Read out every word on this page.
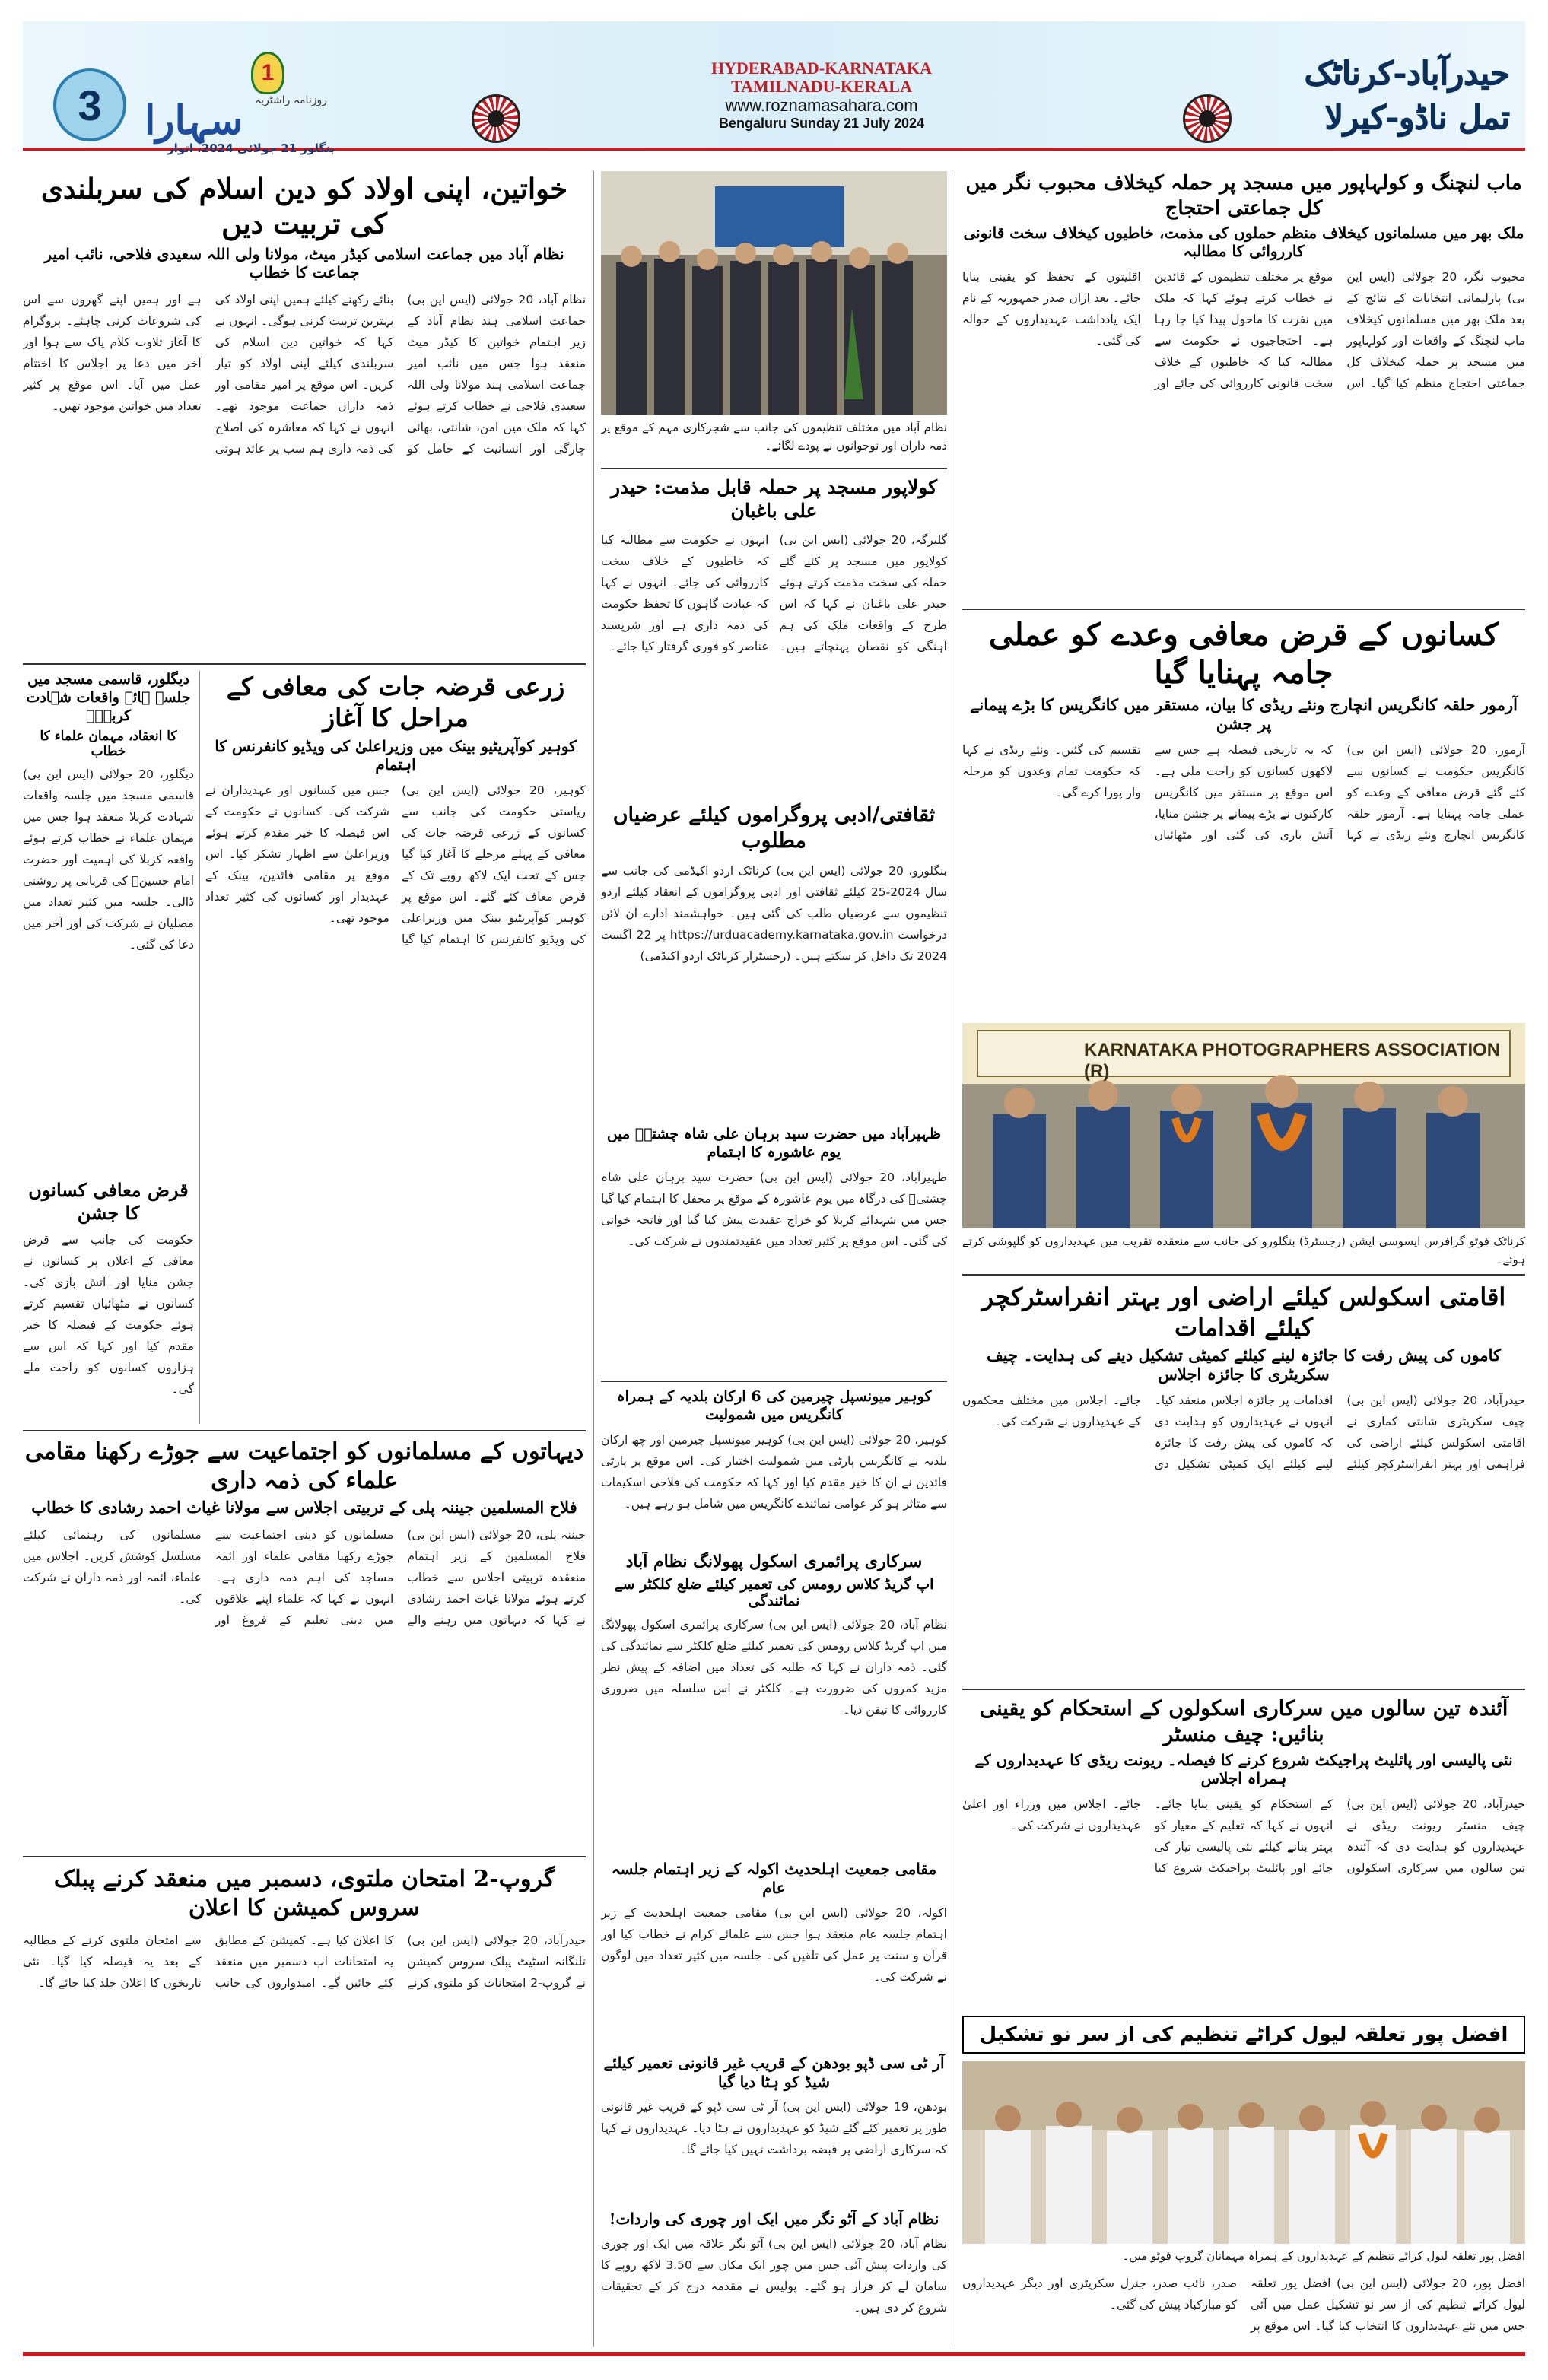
3
1
روزنامہ راشٹریہ
سہارا
بنگلور 21 جولائی 2024، اتوار
HYDERABAD-KARNATAKA
TAMILNADU-KERALA
www.roznamasahara.com
Bengaluru Sunday 21 July 2024
حیدرآباد-کرناٹک
تمل ناڈو-کیرلا
خواتین، اپنی اولاد کو دین اسلام کی سربلندی کی تربیت دیں
نظام آباد میں جماعت اسلامی کیڈر میٹ، مولانا ولی اللہ سعیدی فلاحی، نائب امیر جماعت کا خطاب
نظام آباد، 20 جولائی (ایس این بی) جماعت اسلامی ہند نظام آباد کے زیر اہتمام خواتین کا کیڈر میٹ منعقد ہوا جس میں نائب امیر جماعت اسلامی ہند مولانا ولی اللہ سعیدی فلاحی نے خطاب کرتے ہوئے کہا کہ ملک میں امن، شانتی، بھائی چارگی اور انسانیت کے حامل کو بنائے رکھنے کیلئے ہمیں اپنی اولاد کی بہترین تربیت کرنی ہوگی۔ انہوں نے کہا کہ خواتین دین اسلام کی سربلندی کیلئے اپنی اولاد کو تیار کریں۔ اس موقع پر امیر مقامی اور ذمہ داران جماعت موجود تھے۔ انہوں نے کہا کہ معاشرہ کی اصلاح کی ذمہ داری ہم سب پر عائد ہوتی ہے اور ہمیں اپنے گھروں سے اس کی شروعات کرنی چاہئے۔ پروگرام کا آغاز تلاوت کلام پاک سے ہوا اور آخر میں دعا پر اجلاس کا اختتام عمل میں آیا۔ اس موقع پر کثیر تعداد میں خواتین موجود تھیں۔
زرعی قرضہ جات کی معافی کے مراحل کا آغاز
کوہیر کوآپریٹیو بینک میں وزیراعلیٰ کی ویڈیو کانفرنس کا اہتمام
کوہیر، 20 جولائی (ایس این بی) ریاستی حکومت کی جانب سے کسانوں کے زرعی قرضہ جات کی معافی کے پہلے مرحلے کا آغاز کیا گیا جس کے تحت ایک لاکھ روپے تک کے قرض معاف کئے گئے۔ اس موقع پر کوہیر کوآپریٹیو بینک میں وزیراعلیٰ کی ویڈیو کانفرنس کا اہتمام کیا گیا جس میں کسانوں اور عہدیداران نے شرکت کی۔ کسانوں نے حکومت کے اس فیصلہ کا خیر مقدم کرتے ہوئے وزیراعلیٰ سے اظہار تشکر کیا۔ اس موقع پر مقامی قائدین، بینک کے عہدیدار اور کسانوں کی کثیر تعداد موجود تھی۔
دیگلور، قاسمی مسجد میں جلسہ ہائے واقعات شہادت کربلاؔ
کا انعقاد، مہمان علماء کا خطاب
دیگلور، 20 جولائی (ایس این بی) قاسمی مسجد میں جلسہ واقعات شہادت کربلا منعقد ہوا جس میں مہمان علماء نے خطاب کرتے ہوئے واقعہ کربلا کی اہمیت اور حضرت امام حسینؓ کی قربانی پر روشنی ڈالی۔ جلسہ میں کثیر تعداد میں مصلیان نے شرکت کی اور آخر میں دعا کی گئی۔
قرض معافی کسانوں کا جشن
حکومت کی جانب سے قرض معافی کے اعلان پر کسانوں نے جشن منایا اور آتش بازی کی۔ کسانوں نے مٹھائیاں تقسیم کرتے ہوئے حکومت کے فیصلہ کا خیر مقدم کیا اور کہا کہ اس سے ہزاروں کسانوں کو راحت ملے گی۔
دیہاتوں کے مسلمانوں کو اجتماعیت سے جوڑے رکھنا مقامی علماء کی ذمہ داری
فلاح المسلمین جیننہ پلی کے تربیتی اجلاس سے مولانا غیاث احمد رشادی کا خطاب
جیننہ پلی، 20 جولائی (ایس این بی) فلاح المسلمین کے زیر اہتمام منعقدہ تربیتی اجلاس سے خطاب کرتے ہوئے مولانا غیاث احمد رشادی نے کہا کہ دیہاتوں میں رہنے والے مسلمانوں کو دینی اجتماعیت سے جوڑے رکھنا مقامی علماء اور ائمہ مساجد کی اہم ذمہ داری ہے۔ انہوں نے کہا کہ علماء اپنے علاقوں میں دینی تعلیم کے فروغ اور مسلمانوں کی رہنمائی کیلئے مسلسل کوشش کریں۔ اجلاس میں علماء، ائمہ اور ذمہ داران نے شرکت کی۔
گروپ-2 امتحان ملتوی، دسمبر میں منعقد کرنے پبلک سروس کمیشن کا اعلان
حیدرآباد، 20 جولائی (ایس این بی) تلنگانہ اسٹیٹ پبلک سروس کمیشن نے گروپ-2 امتحانات کو ملتوی کرنے کا اعلان کیا ہے۔ کمیشن کے مطابق یہ امتحانات اب دسمبر میں منعقد کئے جائیں گے۔ امیدواروں کی جانب سے امتحان ملتوی کرنے کے مطالبہ کے بعد یہ فیصلہ کیا گیا۔ نئی تاریخوں کا اعلان جلد کیا جائے گا۔
نظام آباد میں مختلف تنظیموں کی جانب سے شجرکاری مہم کے موقع پر ذمہ داران اور نوجوانوں نے پودے لگائے۔
کولاپور مسجد پر حملہ قابل مذمت: حیدر علی باغبان
گلبرگہ، 20 جولائی (ایس این بی) کولاپور میں مسجد پر کئے گئے حملہ کی سخت مذمت کرتے ہوئے حیدر علی باغبان نے کہا کہ اس طرح کے واقعات ملک کی ہم آہنگی کو نقصان پہنچاتے ہیں۔ انہوں نے حکومت سے مطالبہ کیا کہ خاطیوں کے خلاف سخت کارروائی کی جائے۔ انہوں نے کہا کہ عبادت گاہوں کا تحفظ حکومت کی ذمہ داری ہے اور شرپسند عناصر کو فوری گرفتار کیا جائے۔
ثقافتی/ادبی پروگراموں کیلئے عرضیاں مطلوب
بنگلورو، 20 جولائی (ایس این بی) کرناٹک اردو اکیڈمی کی جانب سے سال 2024-25 کیلئے ثقافتی اور ادبی پروگراموں کے انعقاد کیلئے اردو تنظیموں سے عرضیاں طلب کی گئی ہیں۔ خواہشمند ادارے آن لائن درخواست https://urduacademy.karnataka.gov.in پر 22 اگست 2024 تک داخل کر سکتے ہیں۔ (رجسٹرار کرناٹک اردو اکیڈمی)
ظہیرآباد میں حضرت سید برہان علی شاہ چشتیؒ میں یوم عاشورہ کا اہتمام
ظہیرآباد، 20 جولائی (ایس این بی) حضرت سید برہان علی شاہ چشتیؒ کی درگاہ میں یوم عاشورہ کے موقع پر محفل کا اہتمام کیا گیا جس میں شہدائے کربلا کو خراج عقیدت پیش کیا گیا اور فاتحہ خوانی کی گئی۔ اس موقع پر کثیر تعداد میں عقیدتمندوں نے شرکت کی۔
کوہیر میونسپل چیرمین کی 6 ارکان بلدیہ کے ہمراہ کانگریس میں شمولیت
کوہیر، 20 جولائی (ایس این بی) کوہیر میونسپل چیرمین اور چھ ارکان بلدیہ نے کانگریس پارٹی میں شمولیت اختیار کی۔ اس موقع پر پارٹی قائدین نے ان کا خیر مقدم کیا اور کہا کہ حکومت کی فلاحی اسکیمات سے متاثر ہو کر عوامی نمائندے کانگریس میں شامل ہو رہے ہیں۔
سرکاری پرائمری اسکول پھولانگ نظام آباد
اپ گریڈ کلاس رومس کی تعمیر کیلئے ضلع کلکٹر سے نمائندگی
نظام آباد، 20 جولائی (ایس این بی) سرکاری پرائمری اسکول پھولانگ میں اپ گریڈ کلاس رومس کی تعمیر کیلئے ضلع کلکٹر سے نمائندگی کی گئی۔ ذمہ داران نے کہا کہ طلبہ کی تعداد میں اضافہ کے پیش نظر مزید کمروں کی ضرورت ہے۔ کلکٹر نے اس سلسلہ میں ضروری کارروائی کا تیقن دیا۔
مقامی جمعیت اہلحدیث اکولہ کے زیر اہتمام جلسہ عام
اکولہ، 20 جولائی (ایس این بی) مقامی جمعیت اہلحدیث کے زیر اہتمام جلسہ عام منعقد ہوا جس سے علمائے کرام نے خطاب کیا اور قرآن و سنت پر عمل کی تلقین کی۔ جلسہ میں کثیر تعداد میں لوگوں نے شرکت کی۔
آر ٹی سی ڈپو بودھن کے قریب غیر قانونی تعمیر کیلئے شیڈ کو ہٹا دیا گیا
بودھن، 19 جولائی (ایس این بی) آر ٹی سی ڈپو کے قریب غیر قانونی طور پر تعمیر کئے گئے شیڈ کو عہدیداروں نے ہٹا دیا۔ عہدیداروں نے کہا کہ سرکاری اراضی پر قبضہ برداشت نہیں کیا جائے گا۔
نظام آباد کے آٹو نگر میں ایک اور چوری کی واردات!
نظام آباد، 20 جولائی (ایس این بی) آٹو نگر علاقہ میں ایک اور چوری کی واردات پیش آئی جس میں چور ایک مکان سے 3.50 لاکھ روپے کا سامان لے کر فرار ہو گئے۔ پولیس نے مقدمہ درج کر کے تحقیقات شروع کر دی ہیں۔
ماب لنچنگ و کولہاپور میں مسجد پر حملہ کیخلاف محبوب نگر میں کل جماعتی احتجاج
ملک بھر میں مسلمانوں کیخلاف منظم حملوں کی مذمت، خاطیوں کیخلاف سخت قانونی کارروائی کا مطالبہ
محبوب نگر، 20 جولائی (ایس این بی) پارلیمانی انتخابات کے نتائج کے بعد ملک بھر میں مسلمانوں کیخلاف ماب لنچنگ کے واقعات اور کولہاپور میں مسجد پر حملہ کیخلاف کل جماعتی احتجاج منظم کیا گیا۔ اس موقع پر مختلف تنظیموں کے قائدین نے خطاب کرتے ہوئے کہا کہ ملک میں نفرت کا ماحول پیدا کیا جا رہا ہے۔ احتجاجیوں نے حکومت سے مطالبہ کیا کہ خاطیوں کے خلاف سخت قانونی کارروائی کی جائے اور اقلیتوں کے تحفظ کو یقینی بنایا جائے۔ بعد ازاں صدر جمہوریہ کے نام ایک یادداشت عہدیداروں کے حوالہ کی گئی۔
کسانوں کے قرض معافی وعدے کو عملی جامہ پہنایا گیا
آرمور حلقہ کانگریس انچارج ونئے ریڈی کا بیان، مستقر میں کانگریس کا بڑے پیمانے پر جشن
آرمور، 20 جولائی (ایس این بی) کانگریس حکومت نے کسانوں سے کئے گئے قرض معافی کے وعدے کو عملی جامہ پہنایا ہے۔ آرمور حلقہ کانگریس انچارج ونئے ریڈی نے کہا کہ یہ تاریخی فیصلہ ہے جس سے لاکھوں کسانوں کو راحت ملی ہے۔ اس موقع پر مستقر میں کانگریس کارکنوں نے بڑے پیمانے پر جشن منایا، آتش بازی کی گئی اور مٹھائیاں تقسیم کی گئیں۔ ونئے ریڈی نے کہا کہ حکومت تمام وعدوں کو مرحلہ وار پورا کرے گی۔
KARNATAKA PHOTOGRAPHERS ASSOCIATION (R)
کرناٹک فوٹو گرافرس ایسوسی ایشن (رجسٹرڈ) بنگلورو کی جانب سے منعقدہ تقریب میں عہدیداروں کو گلپوشی کرتے ہوئے۔
اقامتی اسکولس کیلئے اراضی اور بہتر انفراسٹرکچر کیلئے اقدامات
کاموں کی پیش رفت کا جائزہ لینے کیلئے کمیٹی تشکیل دینے کی ہدایت۔ چیف سکریٹری کا جائزہ اجلاس
حیدرآباد، 20 جولائی (ایس این بی) چیف سکریٹری شانتی کماری نے اقامتی اسکولس کیلئے اراضی کی فراہمی اور بہتر انفراسٹرکچر کیلئے اقدامات پر جائزہ اجلاس منعقد کیا۔ انہوں نے عہدیداروں کو ہدایت دی کہ کاموں کی پیش رفت کا جائزہ لینے کیلئے ایک کمیٹی تشکیل دی جائے۔ اجلاس میں مختلف محکموں کے عہدیداروں نے شرکت کی۔
آئندہ تین سالوں میں سرکاری اسکولوں کے استحکام کو یقینی بنائیں: چیف منسٹر
نئی پالیسی اور پائلیٹ پراجیکٹ شروع کرنے کا فیصلہ۔ ریونت ریڈی کا عہدیداروں کے ہمراہ اجلاس
حیدرآباد، 20 جولائی (ایس این بی) چیف منسٹر ریونت ریڈی نے عہدیداروں کو ہدایت دی کہ آئندہ تین سالوں میں سرکاری اسکولوں کے استحکام کو یقینی بنایا جائے۔ انہوں نے کہا کہ تعلیم کے معیار کو بہتر بنانے کیلئے نئی پالیسی تیار کی جائے اور پائلیٹ پراجیکٹ شروع کیا جائے۔ اجلاس میں وزراء اور اعلیٰ عہدیداروں نے شرکت کی۔
افضل پور تعلقہ لیول کراٹے تنظیم کی از سر نو تشکیل
افضل پور تعلقہ لیول کراٹے تنظیم کے عہدیداروں کے ہمراہ مہمانان گروپ فوٹو میں۔
افضل پور، 20 جولائی (ایس این بی) افضل پور تعلقہ لیول کراٹے تنظیم کی از سر نو تشکیل عمل میں آئی جس میں نئے عہدیداروں کا انتخاب کیا گیا۔ اس موقع پر صدر، نائب صدر، جنرل سکریٹری اور دیگر عہدیداروں کو مبارکباد پیش کی گئی۔
